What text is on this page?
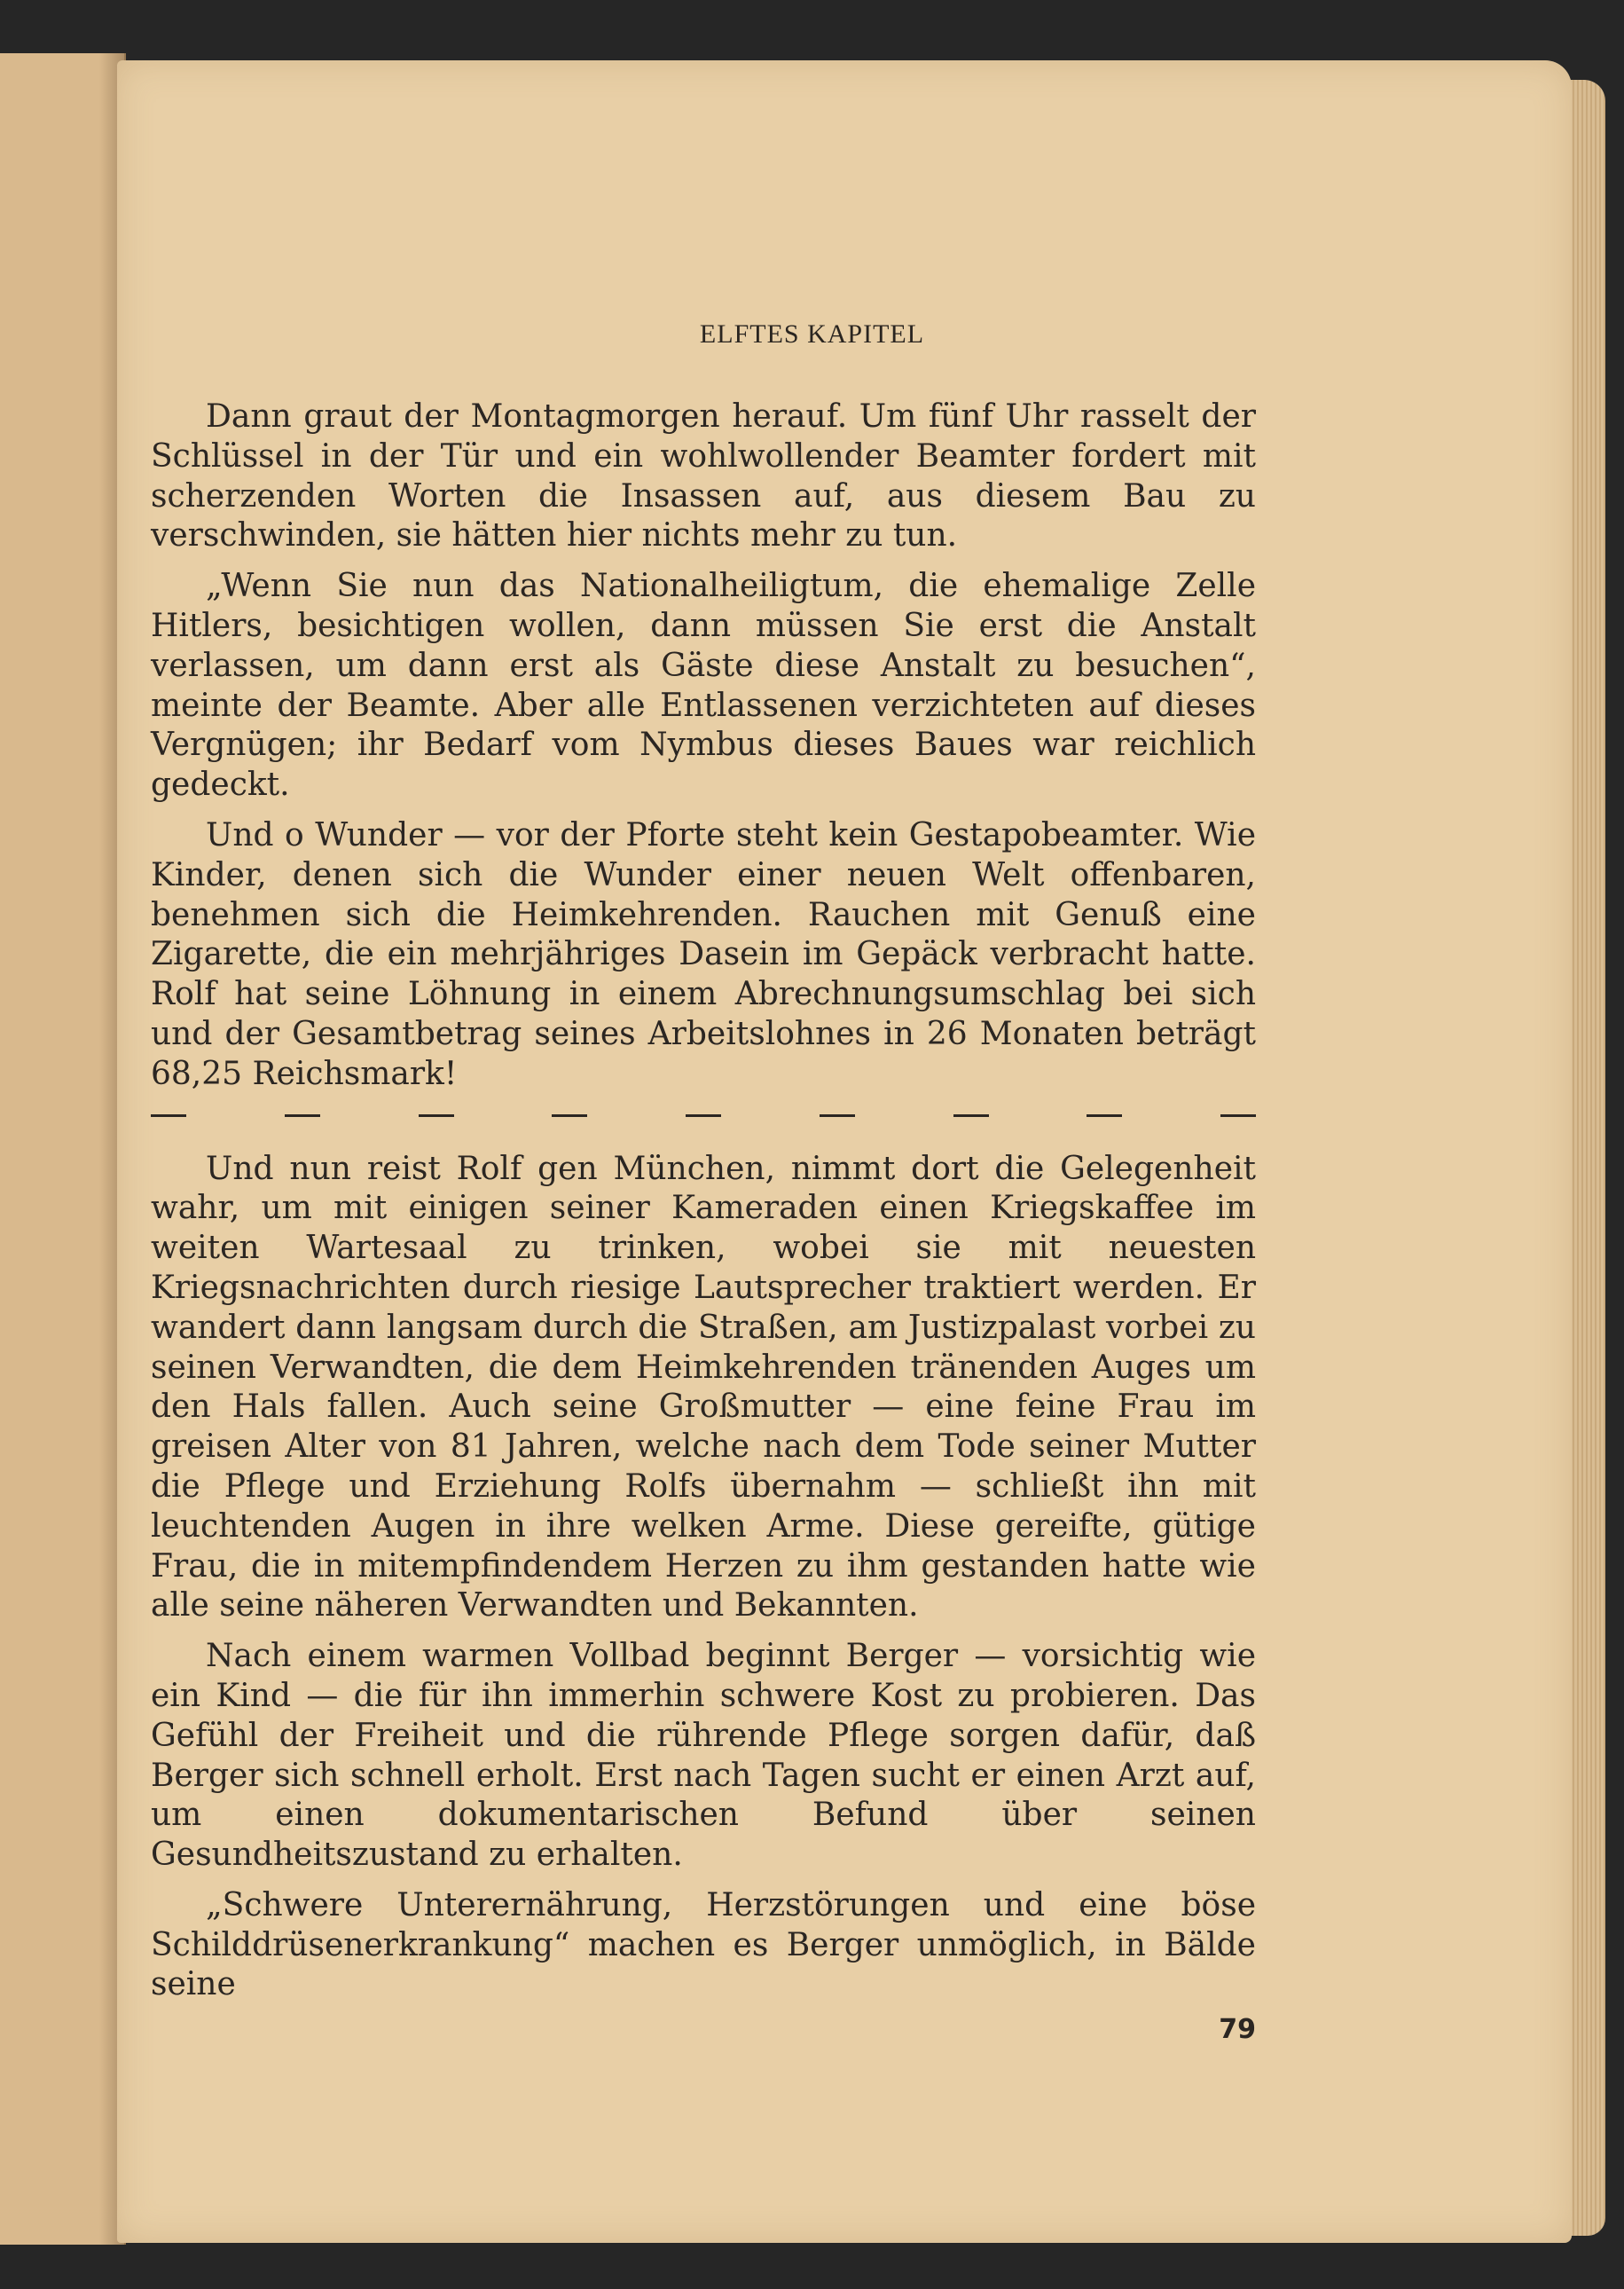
ELFTES KAPITEL

Dann graut der Montagmorgen herauf. Um fünf Uhr rasselt der Schlüssel in der Tür und ein wohlwollender Beamter fordert mit scherzenden Worten die Insassen auf, aus diesem Bau zu verschwinden, sie hätten hier nichts mehr zu tun.

„Wenn Sie nun das Nationalheiligtum, die ehemalige Zelle Hitlers, besichtigen wollen, dann müssen Sie erst die Anstalt verlassen, um dann erst als Gäste diese Anstalt zu besuchen“, meinte der Beamte. Aber alle Entlassenen verzichteten auf dieses Vergnügen; ihr Bedarf vom Nymbus dieses Baues war reichlich gedeckt.

Und o Wunder — vor der Pforte steht kein Gestapobeamter. Wie Kinder, denen sich die Wunder einer neuen Welt offenbaren, benehmen sich die Heimkehrenden. Rauchen mit Genuß eine Zigarette, die ein mehrjähriges Dasein im Gepäck verbracht hatte. Rolf hat seine Löhnung in einem Abrechnungsumschlag bei sich und der Gesamtbetrag seines Arbeitslohnes in 26 Monaten beträgt 68,25 Reichsmark!

Und nun reist Rolf gen München, nimmt dort die Gelegenheit wahr, um mit einigen seiner Kameraden einen Kriegskaffee im weiten Wartesaal zu trinken, wobei sie mit neuesten Kriegsnachrichten durch riesige Lautsprecher traktiert werden. Er wandert dann langsam durch die Straßen, am Justizpalast vorbei zu seinen Verwandten, die dem Heimkehrenden tränenden Auges um den Hals fallen. Auch seine Großmutter — eine feine Frau im greisen Alter von 81 Jahren, welche nach dem Tode seiner Mutter die Pflege und Erziehung Rolfs übernahm — schließt ihn mit leuchtenden Augen in ihre welken Arme. Diese gereifte, gütige Frau, die in mitempfindendem Herzen zu ihm gestanden hatte wie alle seine näheren Verwandten und Bekannten.

Nach einem warmen Vollbad beginnt Berger — vorsichtig wie ein Kind — die für ihn immerhin schwere Kost zu probieren. Das Gefühl der Freiheit und die rührende Pflege sorgen dafür, daß Berger sich schnell erholt. Erst nach Tagen sucht er einen Arzt auf, um einen dokumentarischen Befund über seinen Gesundheitszustand zu erhalten.

„Schwere Unterernährung, Herzstörungen und eine böse Schilddrüsenerkrankung“ machen es Berger unmöglich, in Bälde seine

79
